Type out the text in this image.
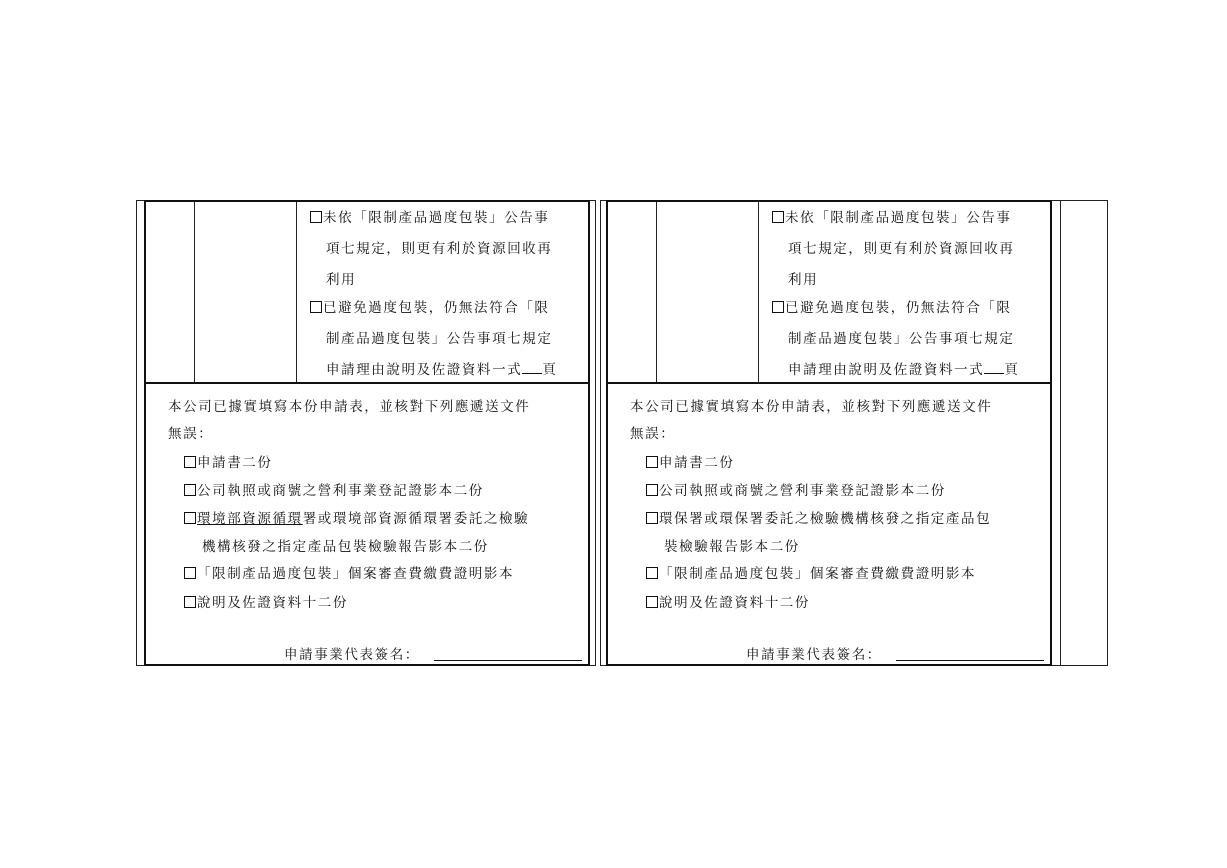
未依「限制產品過度包裝」公告事
項七規定，則更有利於資源回收再
利用
已避免過度包裝，仍無法符合「限
制產品過度包裝」公告事項七規定
申請理由說明及佐證資料一式 頁
本公司已據實填寫本份申請表，並核對下列應遞送文件
無誤：
申請書二份
公司執照或商號之營利事業登記證影本二份
環境部資源循環署或環境部資源循環署委託之檢驗
機構核發之指定產品包裝檢驗報告影本二份
「限制產品過度包裝」個案審查費繳費證明影本
說明及佐證資料十二份
申請事業代表簽名：
未依「限制產品過度包裝」公告事
項七規定，則更有利於資源回收再
利用
已避免過度包裝，仍無法符合「限
制產品過度包裝」公告事項七規定
申請理由說明及佐證資料一式 頁
本公司已據實填寫本份申請表，並核對下列應遞送文件
無誤：
申請書二份
公司執照或商號之營利事業登記證影本二份
環保署或環保署委託之檢驗機構核發之指定產品包
裝檢驗報告影本二份
「限制產品過度包裝」個案審查費繳費證明影本
說明及佐證資料十二份
申請事業代表簽名：
